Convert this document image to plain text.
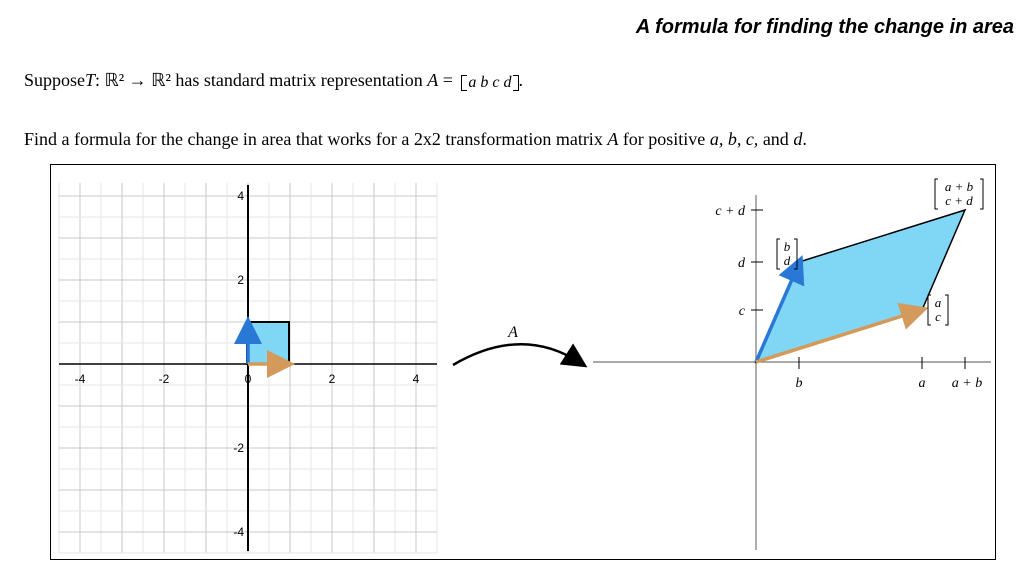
A formula for finding the change in area
SupposeT: ℝ² → ℝ² has standard matrix representation A = a b c d .
Find a formula for the change in area that works for a 2x2 transformation matrix A for positive a, b, c, and d.
-4	-2	0	2	4
4
2
-2
-4
A
c + d
d
c
b	a a + b
b
d
a
c
a + b
c + d
